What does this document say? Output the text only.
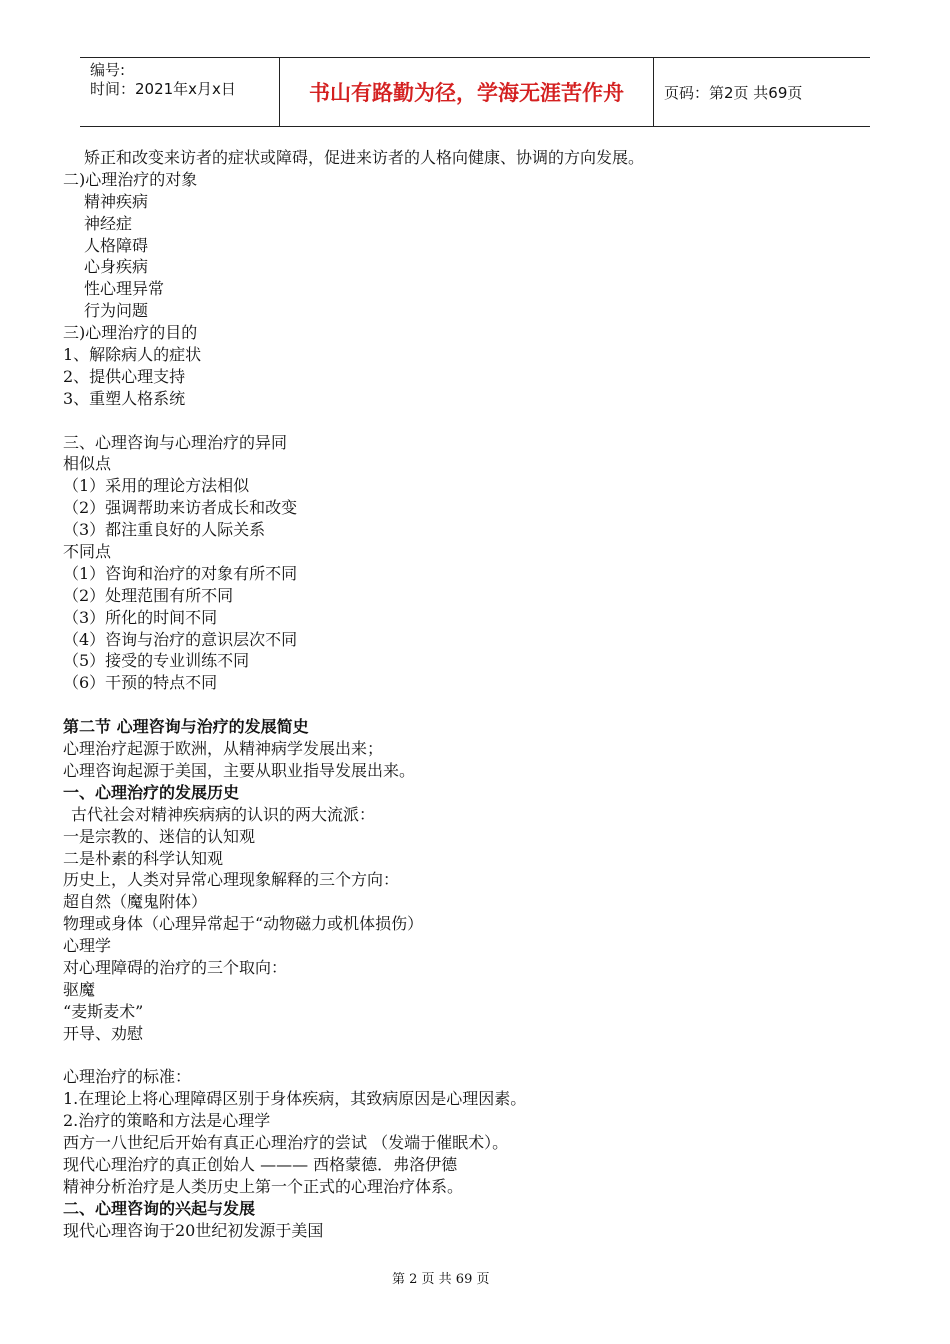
编号:
时间：2021年x月x日	书山有路勤为径，学海无涯苦作舟	页码：第2页 共69页
矫正和改变来访者的症状或障碍，促进来访者的人格向健康、协调的方向发展。
二)心理治疗的对象
精神疾病
神经症
人格障碍
心身疾病
性心理异常
行为问题
三)心理治疗的目的
1、解除病人的症状
2、提供心理支持
3、重塑人格系统
三、心理咨询与心理治疗的异同
相似点
（1）采用的理论方法相似
（2）强调帮助来访者成长和改变
（3）都注重良好的人际关系
不同点
（1）咨询和治疗的对象有所不同
（2）处理范围有所不同
（3）所化的时间不同
（4）咨询与治疗的意识层次不同
（5）接受的专业训练不同
（6）干预的特点不同
第二节 心理咨询与治疗的发展简史
心理治疗起源于欧洲，从精神病学发展出来；
心理咨询起源于美国，主要从职业指导发展出来。
一、心理治疗的发展历史
古代社会对精神疾病病的认识的两大流派：
一是宗教的、迷信的认知观
二是朴素的科学认知观
历史上，人类对异常心理现象解释的三个方向：
超自然（魔鬼附体）
物理或身体（心理异常起于“动物磁力或机体损伤）
心理学
对心理障碍的治疗的三个取向：
驱魔
“麦斯麦术”
开导、劝慰
心理治疗的标准：
1.在理论上将心理障碍区别于身体疾病，其致病原因是心理因素。
2.治疗的策略和方法是心理学
西方一八世纪后开始有真正心理治疗的尝试 （发端于催眠术）。
现代心理治疗的真正创始人 ——— 西格蒙德．弗洛伊德
精神分析治疗是人类历史上第一个正式的心理治疗体系。
二、心理咨询的兴起与发展
现代心理咨询于20世纪初发源于美国
第 2 页 共 69 页
